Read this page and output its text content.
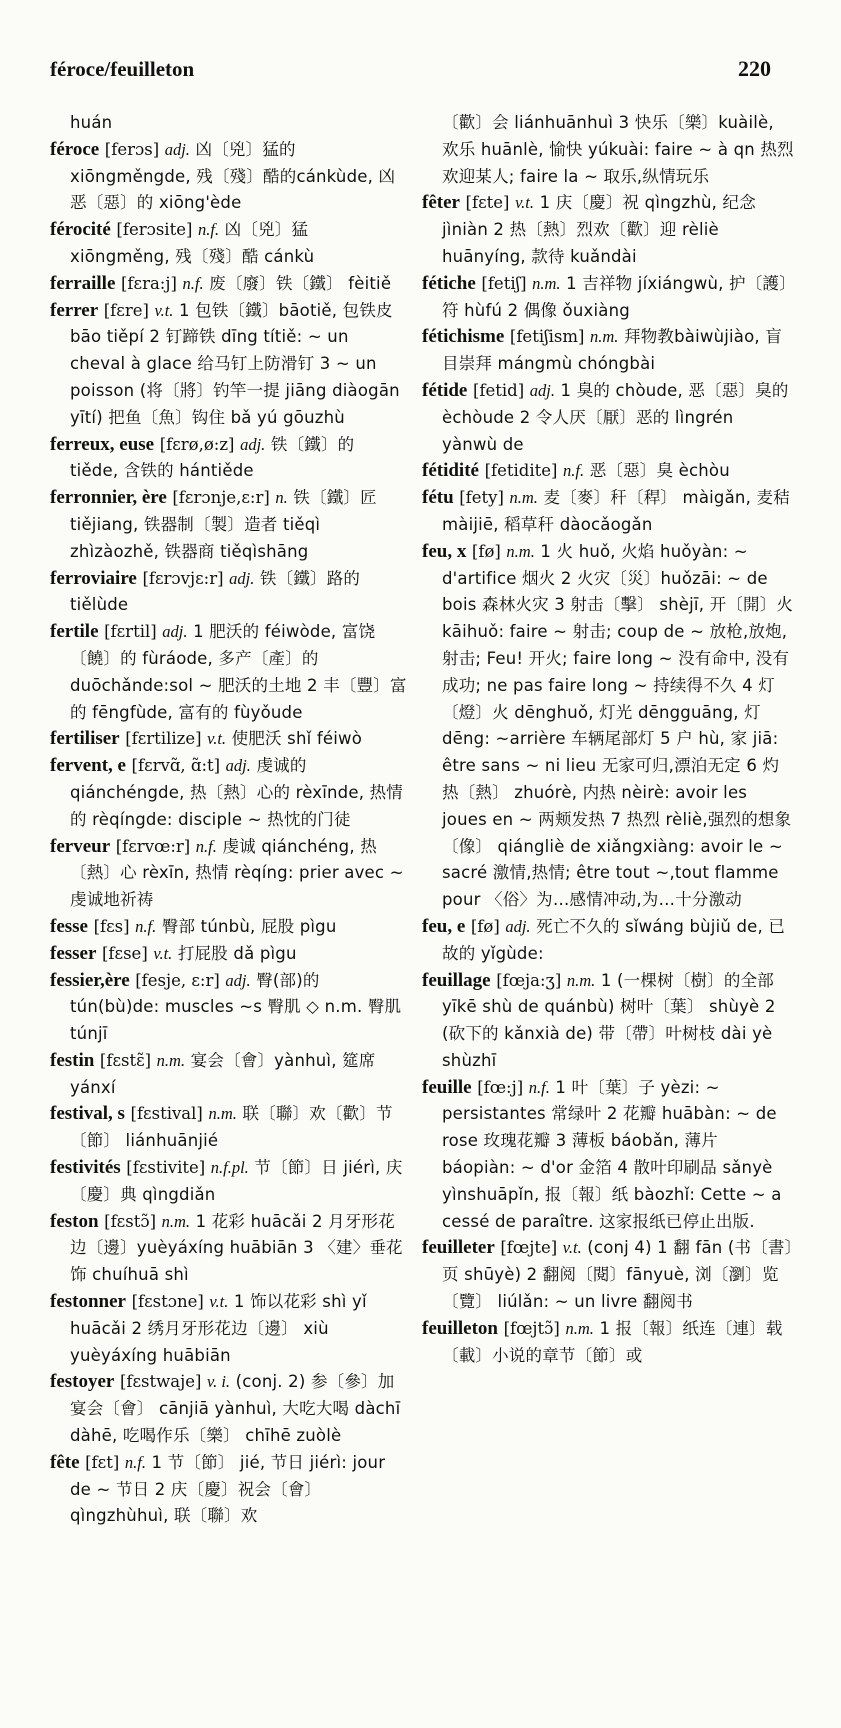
féroce/feuilleton	220

huán

féroce [ferɔs] adj. 凶〔兇〕猛的 xiōngměngde, 残〔殘〕酷的cánkùde, 凶恶〔惡〕的 xiōng'ède

férocité [ferɔsite] n.f. 凶〔兇〕猛 xiōngměng, 残〔殘〕酷 cánkù

ferraille [fɛra:j] n.f. 废〔廢〕铁〔鐵〕 fèitiě

ferrer [fɛre] v.t. 1 包铁〔鐵〕bāotiě, 包铁皮 bāo tiěpí 2 钉蹄铁 dīng títiě: ~ un cheval à glace 给马钉上防滑钉 3 ~ un poisson (将〔將〕钓竿一提 jiāng diàogān yītí) 把鱼〔魚〕钩住 bǎ yú gōuzhù

ferreux, euse [fɛrø,ø:z] adj. 铁〔鐵〕的 tiěde, 含铁的 hántiěde

ferronnier, ère [fɛrɔnje,ɛ:r] n. 铁〔鐵〕匠 tiějiang, 铁器制〔製〕造者 tiěqì zhìzàozhě, 铁器商 tiěqìshāng

ferroviaire [fɛrɔvjɛ:r] adj. 铁〔鐵〕路的 tiělùde

fertile [fɛrtil] adj. 1 肥沃的 féiwòde, 富饶〔饒〕的 fùráode, 多产〔產〕的 duōchǎnde:sol ~ 肥沃的土地 2 丰〔豐〕富的 fēngfùde, 富有的 fùyǒude

fertiliser [fɛrtilize] v.t. 使肥沃 shǐ féiwò

fervent, e [fɛrvɑ̃, ɑ̃:t] adj. 虔诚的 qiánchéngde, 热〔熱〕心的 rèxīnde, 热情的 rèqíngde: disciple ~ 热忱的门徒

ferveur [fɛrvœ:r] n.f. 虔诚 qiánchéng, 热〔熱〕心 rèxīn, 热情 rèqíng: prier avec ~ 虔诚地祈祷

fesse [fɛs] n.f. 臀部 túnbù, 屁股 pìgu

fesser [fɛse] v.t. 打屁股 dǎ pìgu

fessier,ère [fesje, ɛ:r] adj. 臀(部)的 tún(bù)de: muscles ~s 臀肌 ◇ n.m. 臀肌 túnjī

festin [fɛstɛ̃] n.m. 宴会〔會〕yànhuì, 筵席 yánxí

festival, s [fɛstival] n.m. 联〔聯〕欢〔歡〕节〔節〕 liánhuānjié

festivités [fɛstivite] n.f.pl. 节〔節〕日 jiérì, 庆〔慶〕典 qìngdiǎn

feston [fɛstɔ̃] n.m. 1 花彩 huācǎi 2 月牙形花边〔邊〕yuèyáxíng huābiān 3 〈建〉垂花饰 chuíhuā shì

festonner [fɛstɔne] v.t. 1 饰以花彩 shì yǐ huācǎi 2 绣月牙形花边〔邊〕 xiù yuèyáxíng huābiān

festoyer [fɛstwaje] v. i. (conj. 2) 参〔參〕加宴会〔會〕 cānjiā yànhuì, 大吃大喝 dàchī dàhē, 吃喝作乐〔樂〕 chīhē zuòlè

fête [fɛt] n.f. 1 节〔節〕 jié, 节日 jiérì: jour de ~ 节日 2 庆〔慶〕祝会〔會〕qìngzhùhuì, 联〔聯〕欢

〔歡〕会 liánhuānhuì 3 快乐〔樂〕kuàilè, 欢乐 huānlè, 愉快 yúkuài: faire ~ à qn 热烈欢迎某人; faire la ~ 取乐,纵情玩乐

fêter [fɛte] v.t. 1 庆〔慶〕祝 qìngzhù, 纪念 jìniàn 2 热〔熱〕烈欢〔歡〕迎 rèliè huānyíng, 款待 kuǎndài

fétiche [fetiʃ] n.m. 1 吉祥物 jíxiángwù, 护〔護〕符 hùfú 2 偶像 ǒuxiàng

fétichisme [fetiʃism] n.m. 拜物教bàiwùjiào, 盲目崇拜 mángmù chóngbài

fétide [fetid] adj. 1 臭的 chòude, 恶〔惡〕臭的 èchòude 2 令人厌〔厭〕恶的 lìngrén yànwù de

fétidité [fetidite] n.f. 恶〔惡〕臭 èchòu

fétu [fety] n.m. 麦〔麥〕秆〔稈〕 màigǎn, 麦秸 màijiē, 稻草秆 dàocǎogǎn

feu, x [fø] n.m. 1 火 huǒ, 火焰 huǒyàn: ~ d'artifice 烟火 2 火灾〔災〕huǒzāi: ~ de bois 森林火灾 3 射击〔擊〕 shèjī, 开〔開〕火 kāihuǒ: faire ~ 射击; coup de ~ 放枪,放炮,射击; Feu! 开火; faire long ~ 没有命中, 没有成功; ne pas faire long ~ 持续得不久 4 灯〔燈〕火 dēnghuǒ, 灯光 dēngguāng, 灯 dēng: ~arrière 车辆尾部灯 5 户 hù, 家 jiā: être sans ~ ni lieu 无家可归,漂泊无定 6 灼热〔熱〕 zhuórè, 内热 nèirè: avoir les joues en ~ 两颊发热 7 热烈 rèliè,强烈的想象〔像〕 qiángliè de xiǎngxiàng: avoir le ~ sacré 激情,热情; être tout ~,tout flamme pour 〈俗〉为…感情冲动,为…十分激动

feu, e [fø] adj. 死亡不久的 sǐwáng bùjiǔ de, 已故的 yǐgùde:

feuillage [fœja:ʒ] n.m. 1 (一棵树〔樹〕的全部 yīkē shù de quánbù) 树叶〔葉〕 shùyè 2 (砍下的 kǎnxià de) 带〔帶〕叶树枝 dài yè shùzhī

feuille [fœ:j] n.f. 1 叶〔葉〕子 yèzi: ~ persistantes 常绿叶 2 花瓣 huābàn: ~ de rose 玫瑰花瓣 3 薄板 báobǎn, 薄片 báopiàn: ~ d'or 金箔 4 散叶印刷品 sǎnyè yìnshuāpǐn, 报〔報〕纸 bàozhǐ: Cette ~ a cessé de paraître. 这家报纸已停止出版.

feuilleter [fœjte] v.t. (conj 4) 1 翻 fān (书〔書〕页 shūyè) 2 翻阅〔閱〕fānyuè, 浏〔瀏〕览〔覽〕 liúlǎn: ~ un livre 翻阅书

feuilleton [fœjtɔ̃] n.m. 1 报〔報〕纸连〔連〕载〔載〕小说的章节〔節〕或
